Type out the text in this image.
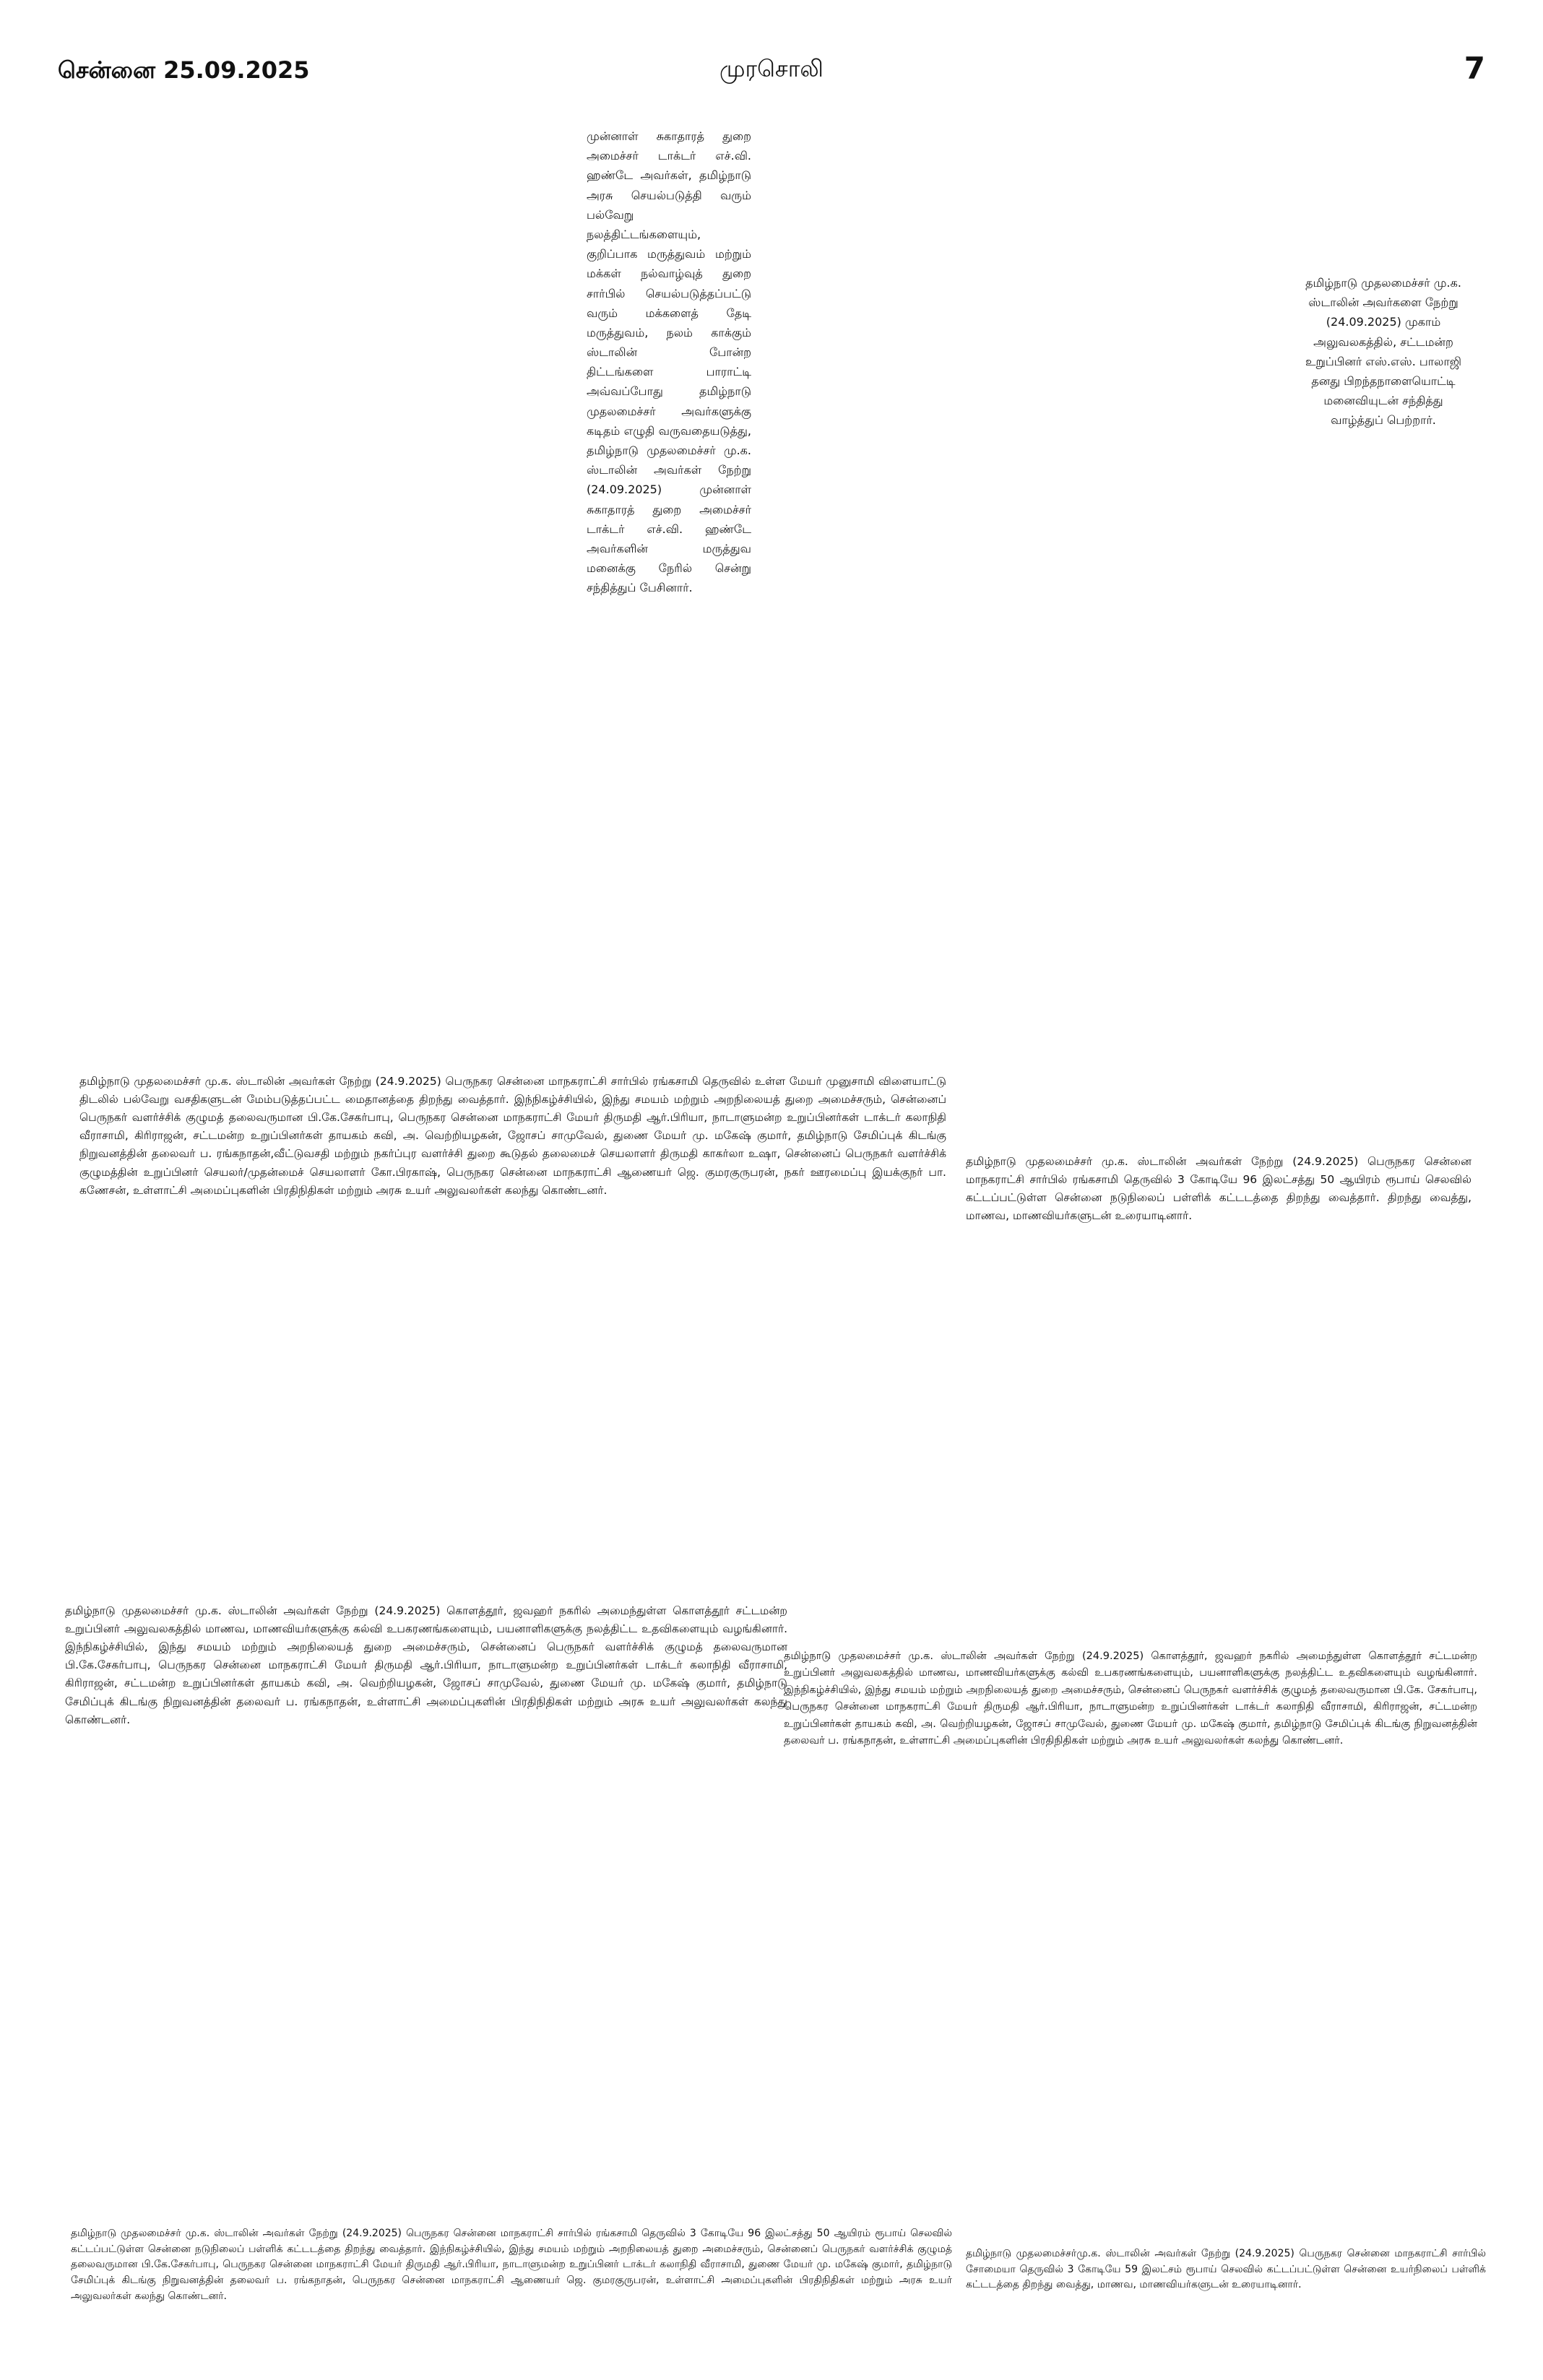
சென்னை 25.09.2025	முரசொலி	7
முன்னாள் சுகாதாரத் துறை அமைச்சர் டாக்டர் எச்.வி. ஹண்டே அவர்கள், தமிழ்நாடு அரசு செயல்படுத்தி வரும் பல்வேறு நலத்திட்டங்களையும், குறிப்பாக மருத்துவம் மற்றும் மக்கள் நல்வாழ்வுத் துறை சார்பில் செயல்படுத்தப்பட்டு வரும் மக்களைத் தேடி மருத்துவம், நலம் காக்கும் ஸ்டாலின் போன்ற திட்டங்களை பாராட்டி அவ்வப்போது தமிழ்நாடு முதலமைச்சர் அவர்களுக்கு கடிதம் எழுதி வருவதையடுத்து, தமிழ்நாடு முதலமைச்சர் மு.க. ஸ்டாலின் அவர்கள் நேற்று (24.09.2025) முன்னாள் சுகாதாரத் துறை அமைச்சர் டாக்டர் எச்.வி. ஹண்டே அவர்களின் மருத்துவ மனைக்கு நேரில் சென்று சந்தித்துப் பேசினார்.
தமிழ்நாடு முதலமைச்சர் மு.க. ஸ்டாலின் அவர்களை நேற்று (24.09.2025) முகாம் அலுவலகத்தில், சட்டமன்ற உறுப்பினர் எஸ்.எஸ். பாலாஜி தனது பிறந்தநாளையொட்டி மனைவியுடன் சந்தித்து வாழ்த்துப் பெற்றார்.
தமிழ்நாடு முதலமைச்சர் மு.க. ஸ்டாலின் அவர்கள் நேற்று (24.9.2025) பெருநகர சென்னை மாநகராட்சி சார்பில் ரங்கசாமி தெருவில் உள்ள மேயர் முனுசாமி விளையாட்டு திடலில் பல்வேறு வசதிகளுடன் மேம்படுத்தப்பட்ட மைதானத்தை திறந்து வைத்தார். இந்நிகழ்ச்சியில், இந்து சமயம் மற்றும் அறநிலையத் துறை அமைச்சரும், சென்னைப் பெருநகர் வளர்ச்சிக் குழுமத் தலைவருமான பி.கே.சேகர்பாபு, பெருநகர சென்னை மாநகராட்சி மேயர் திருமதி ஆர்.பிரியா, நாடாளுமன்ற உறுப்பினர்கள் டாக்டர் கலாநிதி வீராசாமி, கிரிராஜன், சட்டமன்ற உறுப்பினர்கள் தாயகம் கவி, அ. வெற்றியழகன், ஜோசப் சாமுவேல், துணை மேயர் மு. மகேஷ் குமார், தமிழ்நாடு சேமிப்புக் கிடங்கு நிறுவனத்தின் தலைவர் ப. ரங்கநாதன்,வீட்டுவசதி மற்றும் நகர்ப்புர வளர்ச்சி துறை கூடுதல் தலைமைச் செயலாளர் திருமதி காகர்லா உஷா, சென்னைப் பெருநகர் வளர்ச்சிக் குழுமத்தின் உறுப்பினர் செயலர்/முதன்மைச் செயலாளர் கோ.பிரகாஷ், பெருநகர சென்னை மாநகராட்சி ஆணையர் ஜெ. குமரகுருபரன், நகர் ஊரமைப்பு இயக்குநர் பா. கணேசன், உள்ளாட்சி அமைப்புகளின் பிரதிநிதிகள் மற்றும் அரசு உயர் அலுவலர்கள் கலந்து கொண்டனர்.
தமிழ்நாடு முதலமைச்சர் மு.க. ஸ்டாலின் அவர்கள் நேற்று (24.9.2025) பெருநகர சென்னை மாநகராட்சி சார்பில் ரங்கசாமி தெருவில் 3 கோடியே 96 இலட்சத்து 50 ஆயிரம் ரூபாய் செலவில் கட்டப்பட்டுள்ள சென்னை நடுநிலைப் பள்ளிக் கட்டடத்தை திறந்து வைத்தார். திறந்து வைத்து, மாணவ, மாணவியர்களுடன் உரையாடினார்.
தமிழ்நாடு முதலமைச்சர் மு.க. ஸ்டாலின் அவர்கள் நேற்று (24.9.2025) கொளத்தூர், ஜவஹர் நகரில் அமைந்துள்ள கொளத்தூர் சட்டமன்ற உறுப்பினர் அலுவலகத்தில் மாணவ, மாணவியர்களுக்கு கல்வி உபகரணங்களையும், பயனாளிகளுக்கு நலத்திட்ட உதவிகளையும் வழங்கினார். இந்நிகழ்ச்சியில், இந்து சமயம் மற்றும் அறநிலையத் துறை அமைச்சரும், சென்னைப் பெருநகர் வளர்ச்சிக் குழுமத் தலைவருமான பி.கே.சேகர்பாபு, பெருநகர சென்னை மாநகராட்சி மேயர் திருமதி ஆர்.பிரியா, நாடாளுமன்ற உறுப்பினர்கள் டாக்டர் கலாநிதி வீராசாமி, கிரிராஜன், சட்டமன்ற உறுப்பினர்கள் தாயகம் கவி, அ. வெற்றியழகன், ஜோசப் சாமுவேல், துணை மேயர் மு. மகேஷ் குமார், தமிழ்நாடு சேமிப்புக் கிடங்கு நிறுவனத்தின் தலைவர் ப. ரங்கநாதன், உள்ளாட்சி அமைப்புகளின் பிரதிநிதிகள் மற்றும் அரசு உயர் அலுவலர்கள் கலந்து கொண்டனர்.
தமிழ்நாடு முதலமைச்சர் மு.க. ஸ்டாலின் அவர்கள் நேற்று (24.9.2025) கொளத்தூர், ஜவஹர் நகரில் அமைந்துள்ள கொளத்தூர் சட்டமன்ற உறுப்பினர் அலுவலகத்தில் மாணவ, மாணவியர்களுக்கு கல்வி உபகரணங்களையும், பயனாளிகளுக்கு நலத்திட்ட உதவிகளையும் வழங்கினார். இந்நிகழ்ச்சியில், இந்து சமயம் மற்றும் அறநிலையத் துறை அமைச்சரும், சென்னைப் பெருநகர் வளர்ச்சிக் குழுமத் தலைவருமான பி.கே. சேகர்பாபு, பெருநகர சென்னை மாநகராட்சி மேயர் திருமதி ஆர்.பிரியா, நாடாளுமன்ற உறுப்பினர்கள் டாக்டர் கலாநிதி வீராசாமி, கிரிராஜன், சட்டமன்ற உறுப்பினர்கள் தாயகம் கவி, அ. வெற்றியழகன், ஜோசப் சாமுவேல், துணை மேயர் மு. மகேஷ் குமார், தமிழ்நாடு சேமிப்புக் கிடங்கு நிறுவனத்தின் தலைவர் ப. ரங்கநாதன், உள்ளாட்சி அமைப்புகளின் பிரதிநிதிகள் மற்றும் அரசு உயர் அலுவலர்கள் கலந்து கொண்டனர்.
தமிழ்நாடு முதலமைச்சர் மு.க. ஸ்டாலின் அவர்கள் நேற்று (24.9.2025) பெருநகர சென்னை மாநகராட்சி சார்பில் ரங்கசாமி தெருவில் 3 கோடியே 96 இலட்சத்து 50 ஆயிரம் ரூபாய் செலவில் கட்டப்பட்டுள்ள சென்னை நடுநிலைப் பள்ளிக் கட்டடத்தை திறந்து வைத்தார். இந்நிகழ்ச்சியில், இந்து சமயம் மற்றும் அறநிலையத் துறை அமைச்சரும், சென்னைப் பெருநகர் வளர்ச்சிக் குழுமத் தலைவருமான பி.கே.சேகர்பாபு, பெருநகர சென்னை மாநகராட்சி மேயர் திருமதி ஆர்.பிரியா, நாடாளுமன்ற உறுப்பினர் டாக்டர் கலாநிதி வீராசாமி, துணை மேயர் மு. மகேஷ் குமார், தமிழ்நாடு சேமிப்புக் கிடங்கு நிறுவனத்தின் தலைவர் ப. ரங்கநாதன், பெருநகர சென்னை மாநகராட்சி ஆணையர் ஜெ. குமரகுருபரன், உள்ளாட்சி அமைப்புகளின் பிரதிநிதிகள் மற்றும் அரசு உயர் அலுவலர்கள் கலந்து கொண்டனர்.
தமிழ்நாடு முதலமைச்சர்மு.க. ஸ்டாலின் அவர்கள் நேற்று (24.9.2025) பெருநகர சென்னை மாநகராட்சி சார்பில் சோமையா தெருவில் 3 கோடியே 59 இலட்சம் ரூபாய் செலவில் கட்டப்பட்டுள்ள சென்னை உயர்நிலைப் பள்ளிக் கட்டடத்தை திறந்து வைத்து, மாணவ, மாணவியர்களுடன் உரையாடினார்.
